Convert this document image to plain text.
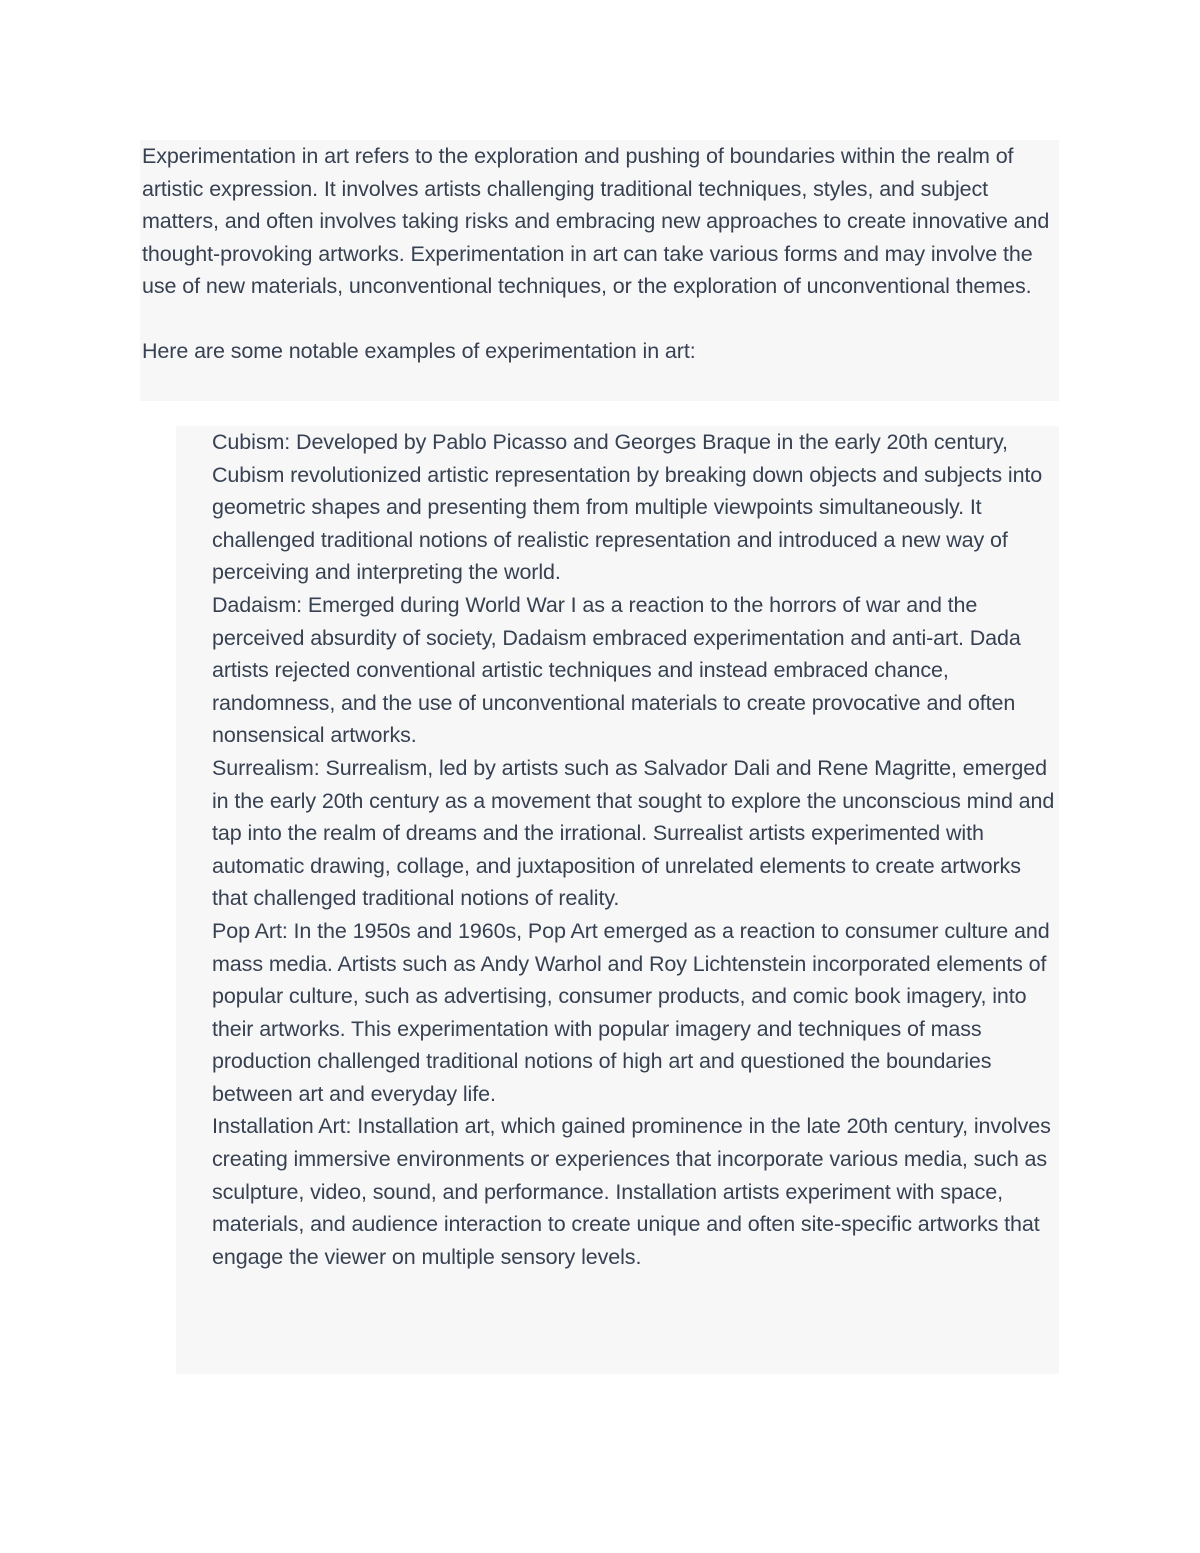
Experimentation in art refers to the exploration and pushing of boundaries within the realm of artistic expression. It involves artists challenging traditional techniques, styles, and subject matters, and often involves taking risks and embracing new approaches to create innovative and thought-provoking artworks. Experimentation in art can take various forms and may involve the use of new materials, unconventional techniques, or the exploration of unconventional themes.

Here are some notable examples of experimentation in art:

Cubism: Developed by Pablo Picasso and Georges Braque in the early 20th century, Cubism revolutionized artistic representation by breaking down objects and subjects into geometric shapes and presenting them from multiple viewpoints simultaneously. It challenged traditional notions of realistic representation and introduced a new way of perceiving and interpreting the world.

Dadaism: Emerged during World War I as a reaction to the horrors of war and the perceived absurdity of society, Dadaism embraced experimentation and anti-art. Dada artists rejected conventional artistic techniques and instead embraced chance, randomness, and the use of unconventional materials to create provocative and often nonsensical artworks.

Surrealism: Surrealism, led by artists such as Salvador Dali and Rene Magritte, emerged in the early 20th century as a movement that sought to explore the unconscious mind and tap into the realm of dreams and the irrational. Surrealist artists experimented with automatic drawing, collage, and juxtaposition of unrelated elements to create artworks that challenged traditional notions of reality.

Pop Art: In the 1950s and 1960s, Pop Art emerged as a reaction to consumer culture and mass media. Artists such as Andy Warhol and Roy Lichtenstein incorporated elements of popular culture, such as advertising, consumer products, and comic book imagery, into their artworks. This experimentation with popular imagery and techniques of mass production challenged traditional notions of high art and questioned the boundaries between art and everyday life.

Installation Art: Installation art, which gained prominence in the late 20th century, involves creating immersive environments or experiences that incorporate various media, such as sculpture, video, sound, and performance. Installation artists experiment with space, materials, and audience interaction to create unique and often site-specific artworks that engage the viewer on multiple sensory levels.
